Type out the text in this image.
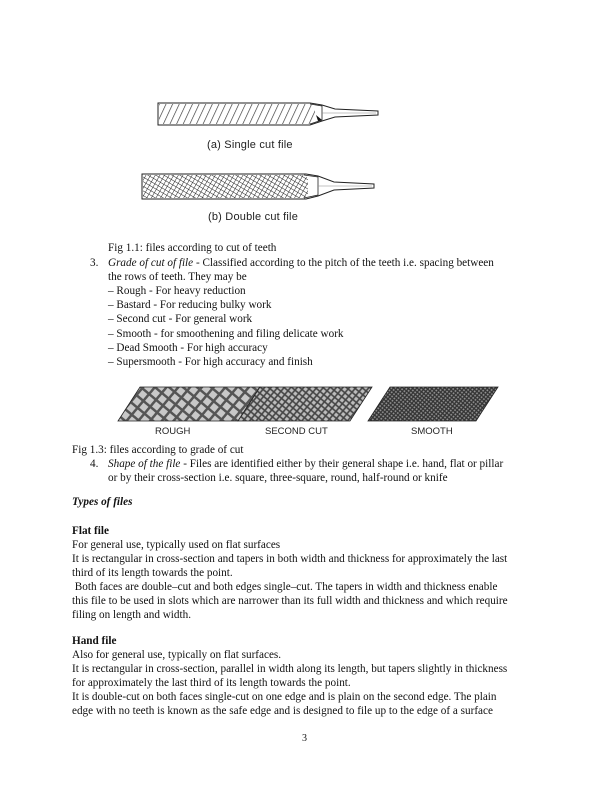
(a) Single cut file
(b) Double cut file
Fig 1.1: files according to cut of teeth
3. Grade of cut of file - Classified according to the pitch of the teeth i.e. spacing between
the rows of teeth. They may be
– Rough - For heavy reduction
– Bastard - For reducing bulky work
– Second cut - For general work
– Smooth - for smoothening and filing delicate work
– Dead Smooth - For high accuracy
– Supersmooth - For high accuracy and finish
ROUGH	SECOND CUT	SMOOTH
Fig 1.3: files according to grade of cut
4. Shape of the file - Files are identified either by their general shape i.e. hand, flat or pillar
or by their cross-section i.e. square, three-square, round, half-round or knife
Types of files
Flat file
For general use, typically used on flat surfaces
It is rectangular in cross-section and tapers in both width and thickness for approximately the last
third of its length towards the point.
Both faces are double–cut and both edges single–cut. The tapers in width and thickness enable
this file to be used in slots which are narrower than its full width and thickness and which require
filing on length and width.
Hand file
Also for general use, typically on flat surfaces.
It is rectangular in cross-section, parallel in width along its length, but tapers slightly in thickness
for approximately the last third of its length towards the point.
It is double-cut on both faces single-cut on one edge and is plain on the second edge. The plain
edge with no teeth is known as the safe edge and is designed to file up to the edge of a surface
3
